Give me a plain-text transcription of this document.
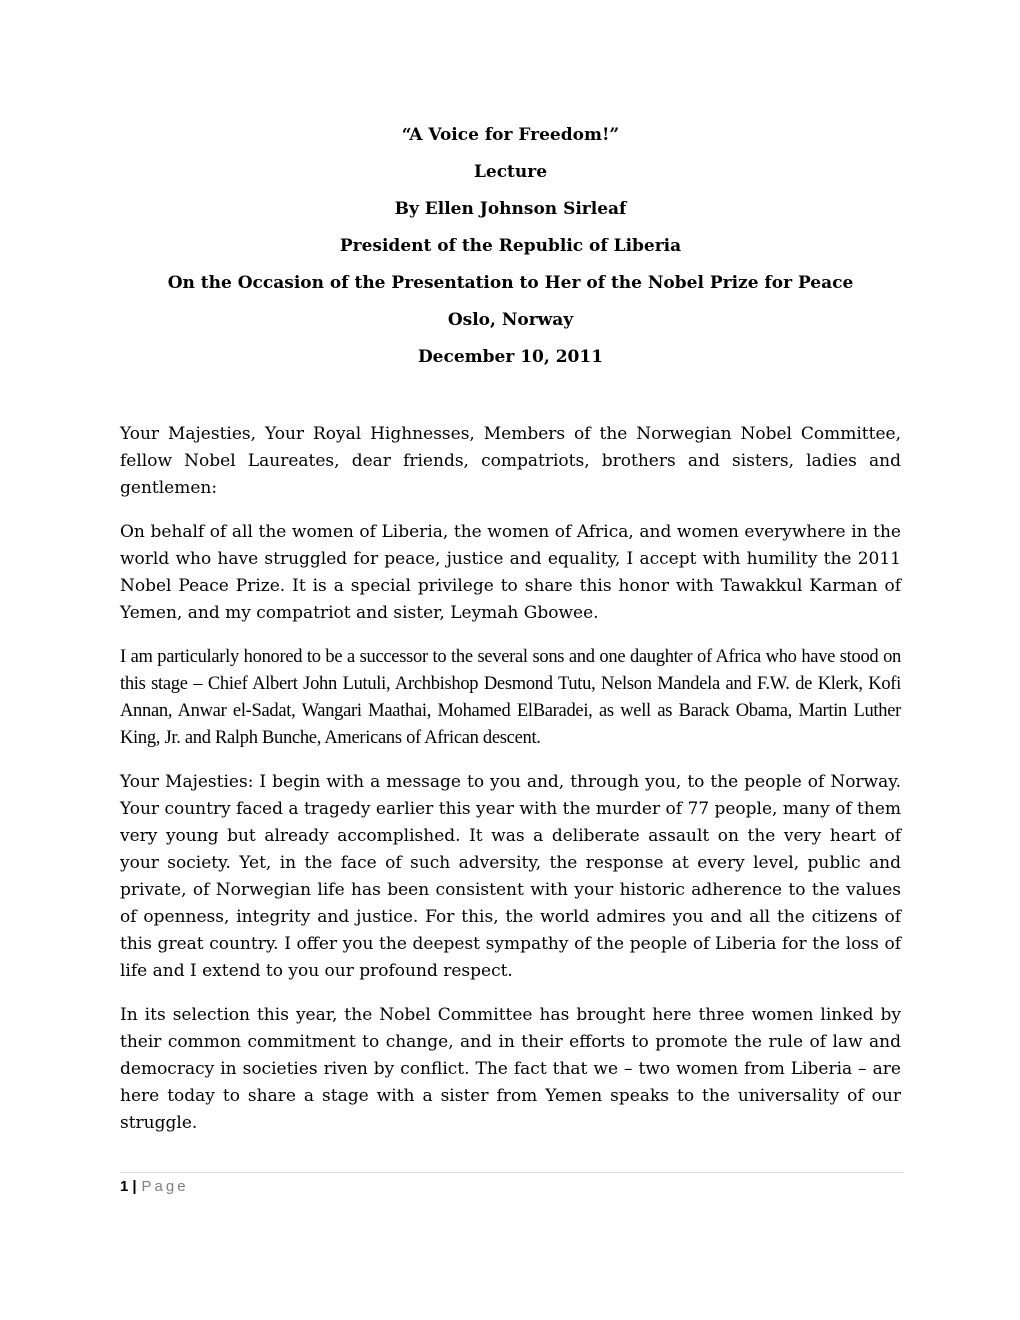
“A Voice for Freedom!”
Lecture
By Ellen Johnson Sirleaf
President of the Republic of Liberia
On the Occasion of the Presentation to Her of the Nobel Prize for Peace
Oslo, Norway
December 10, 2011

Your Majesties, Your Royal Highnesses, Members of the Norwegian Nobel Committee, fellow Nobel Laureates, dear friends, compatriots, brothers and sisters, ladies and gentlemen:

On behalf of all the women of Liberia, the women of Africa, and women everywhere in the world who have struggled for peace, justice and equality, I accept with humility the 2011 Nobel Peace Prize. It is a special privilege to share this honor with Tawakkul Karman of Yemen, and my compatriot and sister, Leymah Gbowee.

I am particularly honored to be a successor to the several sons and one daughter of Africa who have stood on this stage – Chief Albert John Lutuli, Archbishop Desmond Tutu, Nelson Mandela and F.W. de Klerk, Kofi Annan, Anwar el-Sadat, Wangari Maathai, Mohamed ElBaradei, as well as Barack Obama, Martin Luther King, Jr. and Ralph Bunche, Americans of African descent.

Your Majesties: I begin with a message to you and, through you, to the people of Norway. Your country faced a tragedy earlier this year with the murder of 77 people, many of them very young but already accomplished. It was a deliberate assault on the very heart of your society. Yet, in the face of such adversity, the response at every level, public and private, of Norwegian life has been consistent with your historic adherence to the values of openness, integrity and justice. For this, the world admires you and all the citizens of this great country. I offer you the deepest sympathy of the people of Liberia for the loss of life and I extend to you our profound respect.

In its selection this year, the Nobel Committee has brought here three women linked by their common commitment to change, and in their efforts to promote the rule of law and democracy in societies riven by conflict. The fact that we – two women from Liberia – are here today to share a stage with a sister from Yemen speaks to the universality of our struggle.

1 | Page
